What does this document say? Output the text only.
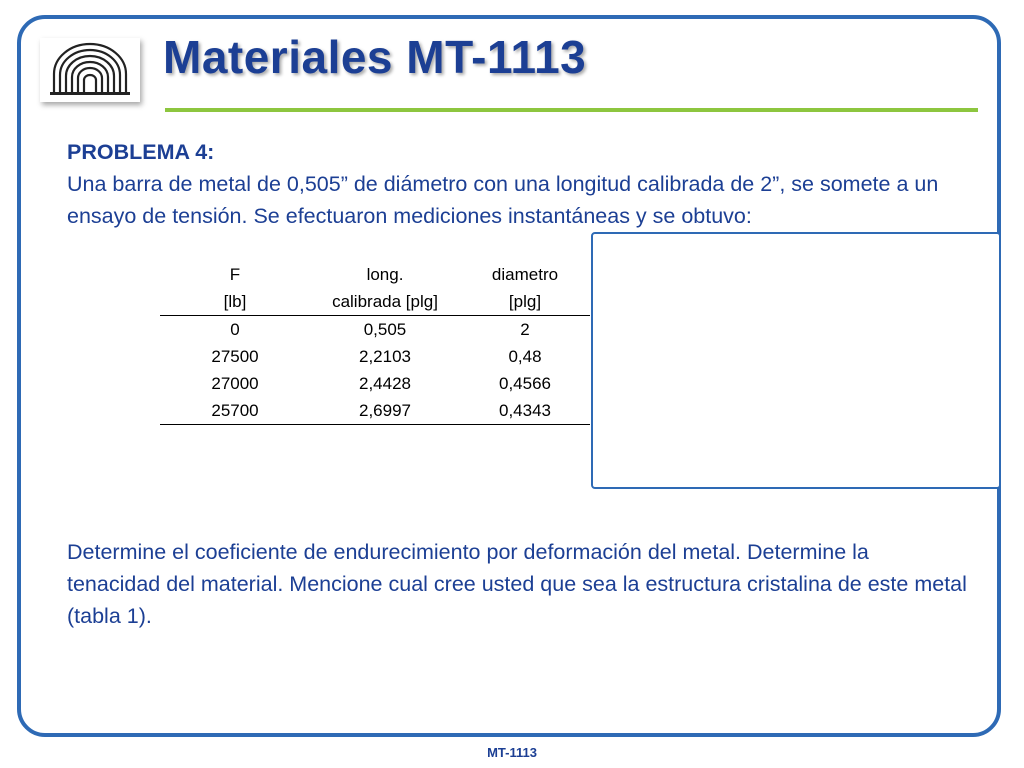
Materiales MT-1113
PROBLEMA 4:
Una barra de metal de 0,505” de diámetro con una longitud calibrada de 2”, se somete a un ensayo de tensión. Se efectuaron mediciones instantáneas y se obtuvo:
F	long.	diametro
[lb]	calibrada [plg]	[plg]
0	0,505	2
27500	2,2103	0,48
27000	2,4428	0,4566
25700	2,6997	0,4343
Determine el coeficiente de endurecimiento por deformación del metal. Determine la tenacidad del material. Mencione cual cree usted que sea la estructura cristalina de este metal (tabla 1).
MT-1113
